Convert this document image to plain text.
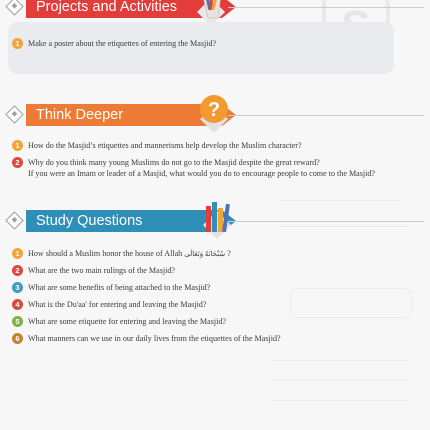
Projects and Activities
1	Make a poster about the etiquettes of entering the Masjid?
Think Deeper	?
1	How do the Masjid’s etiquettes and mannerisms help develop the Muslim character?
2	Why do you think many young Muslims do not go to the Masjid despite the great reward?
If you were an Imam or leader of a Masjid, what would you do to encourage people to come to the Masjid?
Study Questions
1	How should a Muslim honor the house of Allah سُبْحَانَهُ وَتَعَالَى ?
2	What are the two main rulings of the Masjid?
3	What are some benefits of being attached to the Masjid?
4	What is the Du'aa' for entering and leaving the Masjid?
5	What are some etiquette for entering and leaving the Masjid?
6	What manners can we use in our daily lives from the etiquettes of the Masjid?
